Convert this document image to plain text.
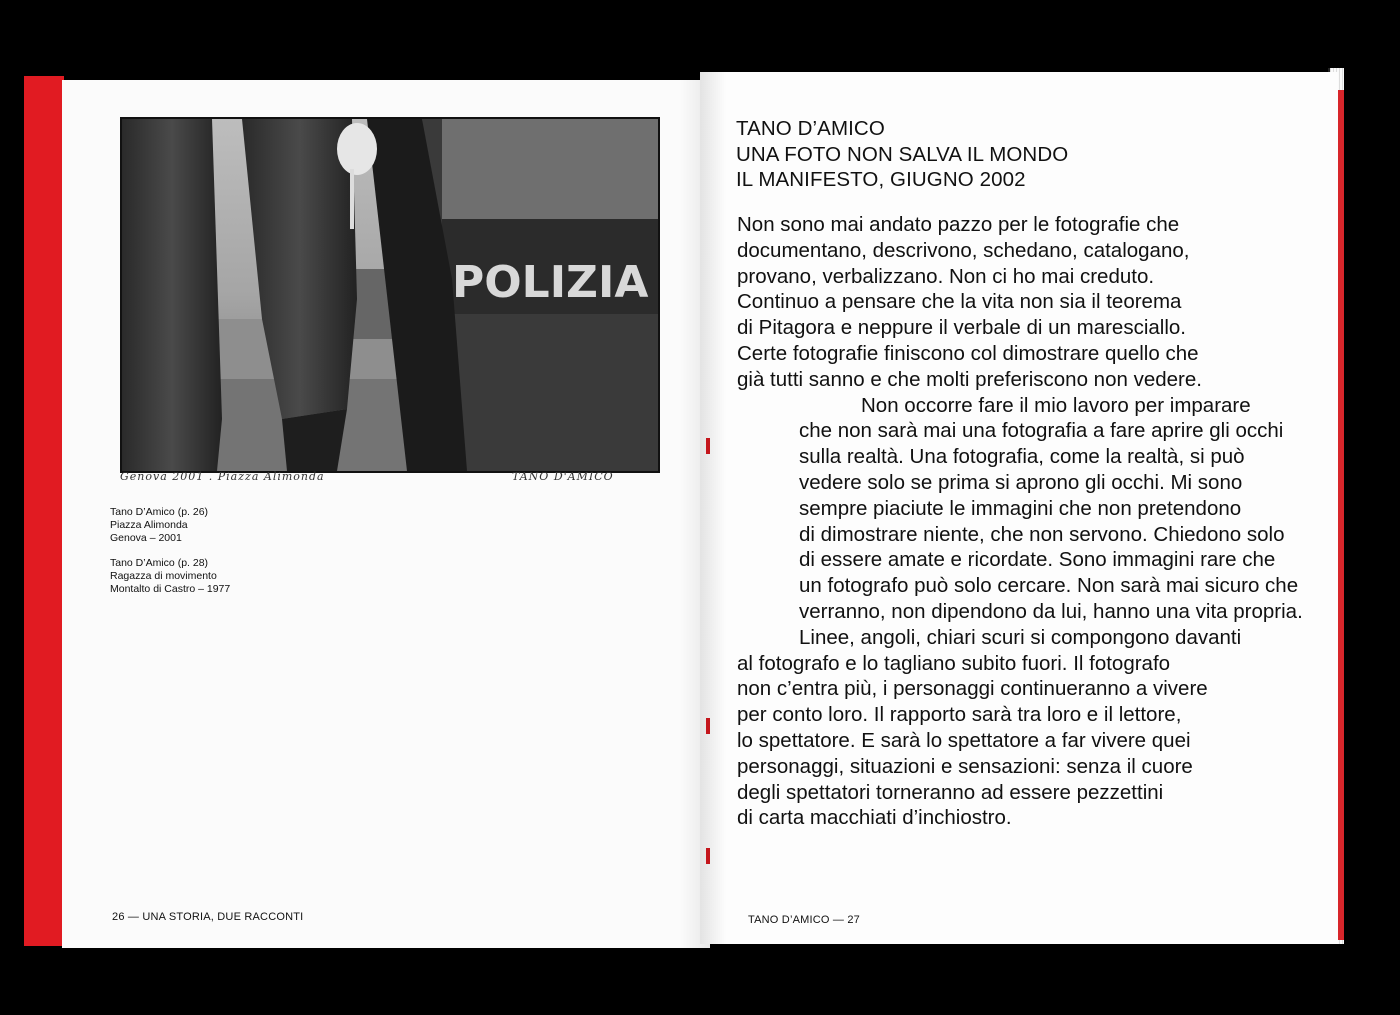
POLIZIA
Genova 2001 . Piazza Alimonda	TANO D'AMICO
Tano D’Amico (p. 26)
Piazza Alimonda
Genova – 2001
Tano D’Amico (p. 28)
Ragazza di movimento
Montalto di Castro – 1977
26 — UNA STORIA, DUE RACCONTI
TANO D’AMICO
UNA FOTO NON SALVA IL MONDO
IL MANIFESTO, GIUGNO 2002

Non sono mai andato pazzo per le fotografie che
documentano, descrivono, schedano, catalogano,
provano, verbalizzano. Non ci ho mai creduto.
Continuo a pensare che la vita non sia il teorema
di Pitagora e neppure il verbale di un maresciallo.
Certe fotografie finiscono col dimostrare quello che
già tutti sanno e che molti preferiscono non vedere.

Non occorre fare il mio lavoro per imparare
che non sarà mai una fotografia a fare aprire gli occhi
sulla realtà. Una fotografia, come la realtà, si può
vedere solo se prima si aprono gli occhi. Mi sono
sempre piaciute le immagini che non pretendono
di dimostrare niente, che non servono. Chiedono solo
di essere amate e ricordate. Sono immagini rare che
un fotografo può solo cercare. Non sarà mai sicuro che
verranno, non dipendono da lui, hanno una vita propria.

Linee, angoli, chiari scuri si compongono davanti
al fotografo e lo tagliano subito fuori. Il fotografo
non c’entra più, i personaggi continueranno a vivere
per conto loro. Il rapporto sarà tra loro e il lettore,
lo spettatore. E sarà lo spettatore a far vivere quei
personaggi, situazioni e sensazioni: senza il cuore
degli spettatori torneranno ad essere pezzettini
di carta macchiati d’inchiostro.

TANO D’AMICO — 27
